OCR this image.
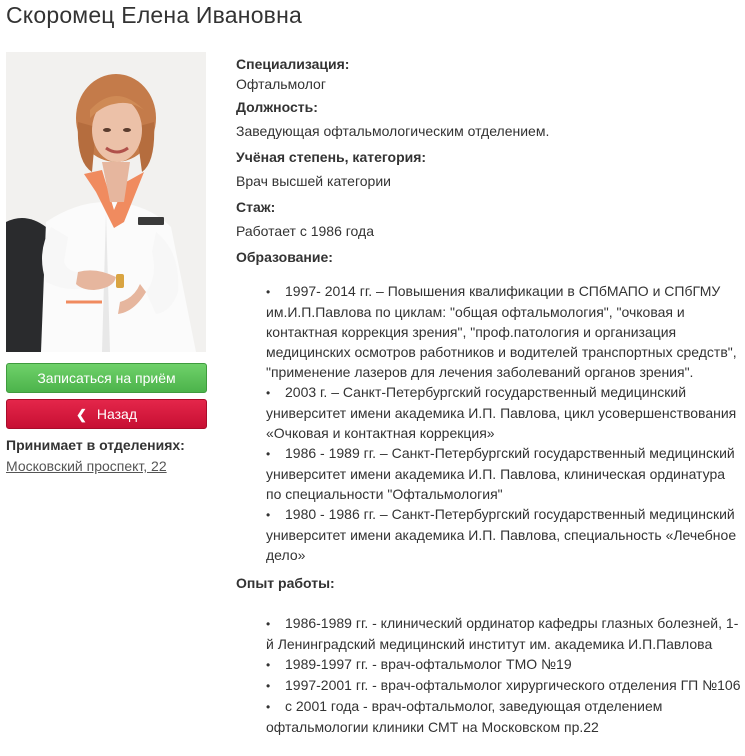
Скоромец Елена Ивановна
Записаться на приём
❮ Назад
Принимает в отделениях:
Московский проспект, 22

Специализация:

Офтальмолог

Должность:

Заведующая офтальмологическим отделением.

Учёная степень, категория:

Врач высшей категории

Стаж:

Работает с 1986 года

Образование:

• 1997- 2014 гг. – Повышения квалификации в СПбМАПО и СПбГМУ им.И.П.Павлова по циклам: "общая офтальмология", "очковая и контактная коррекция зрения", "проф.патология и организация медицинских осмотров работников и водителей транспортных средств", "применение лазеров для лечения заболеваний органов зрения".
• 2003 г. – Санкт-Петербургский государственный медицинский университет имени академика И.П. Павлова, цикл усовершенствования «Очковая и контактная коррекция»
• 1986 - 1989 гг. – Санкт-Петербургский государственный медицинский университет имени академика И.П. Павлова, клиническая ординатура по специальности "Офтальмология"
• 1980 - 1986 гг. – Санкт-Петербургский государственный медицинский университет имени академика И.П. Павлова, специальность «Лечебное дело»

Опыт работы:

• 1986-1989 гг. - клинический ординатор кафедры глазных болезней, 1-й Ленинградский медицинский институт им. академика И.П.Павлова
• 1989-1997 гг. - врач-офтальмолог ТМО №19
• 1997-2001 гг. - врач-офтальмолог хирургического отделения ГП №106
• с 2001 года - врач-офтальмолог, заведующая отделением офтальмологии клиники СМТ на Московском пр.22
